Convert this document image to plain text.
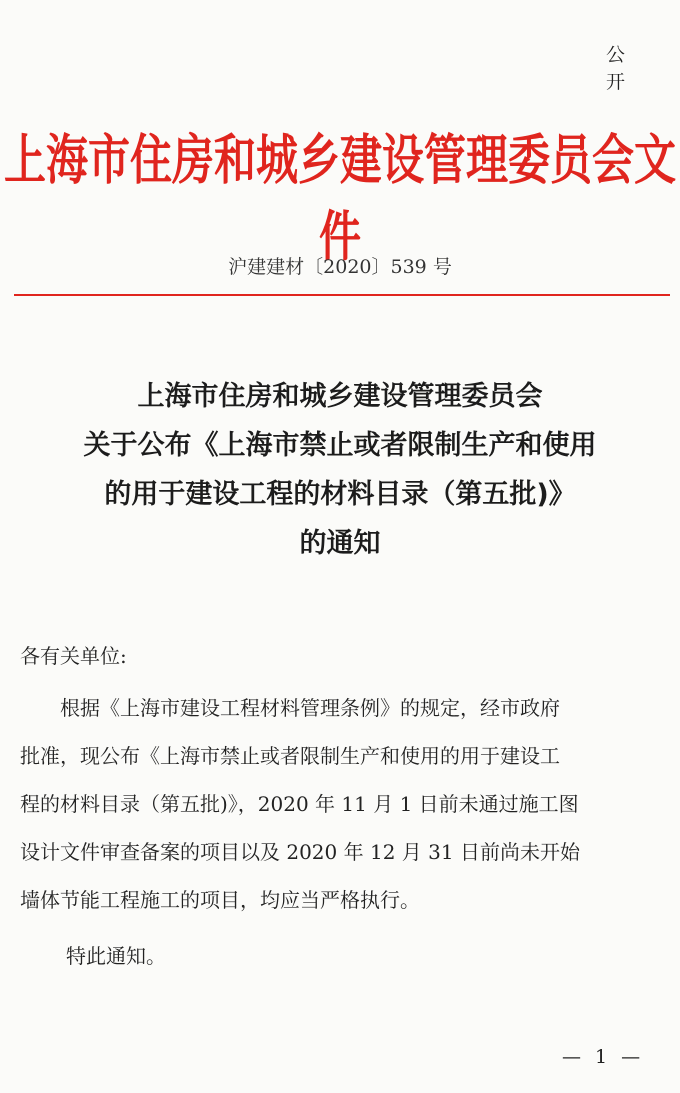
公 开
上海市住房和城乡建设管理委员会文件
沪建建材〔2020〕539 号
上海市住房和城乡建设管理委员会
关于公布《上海市禁止或者限制生产和使用
的用于建设工程的材料目录（第五批)》
的通知
各有关单位:
　　根据《上海市建设工程材料管理条例》的规定，经市政府
批准，现公布《上海市禁止或者限制生产和使用的用于建设工
程的材料目录（第五批)》，2020 年 11 月 1 日前未通过施工图
设计文件审查备案的项目以及 2020 年 12 月 31 日前尚未开始
墙体节能工程施工的项目，均应当严格执行。
特此通知。
— 1 —
